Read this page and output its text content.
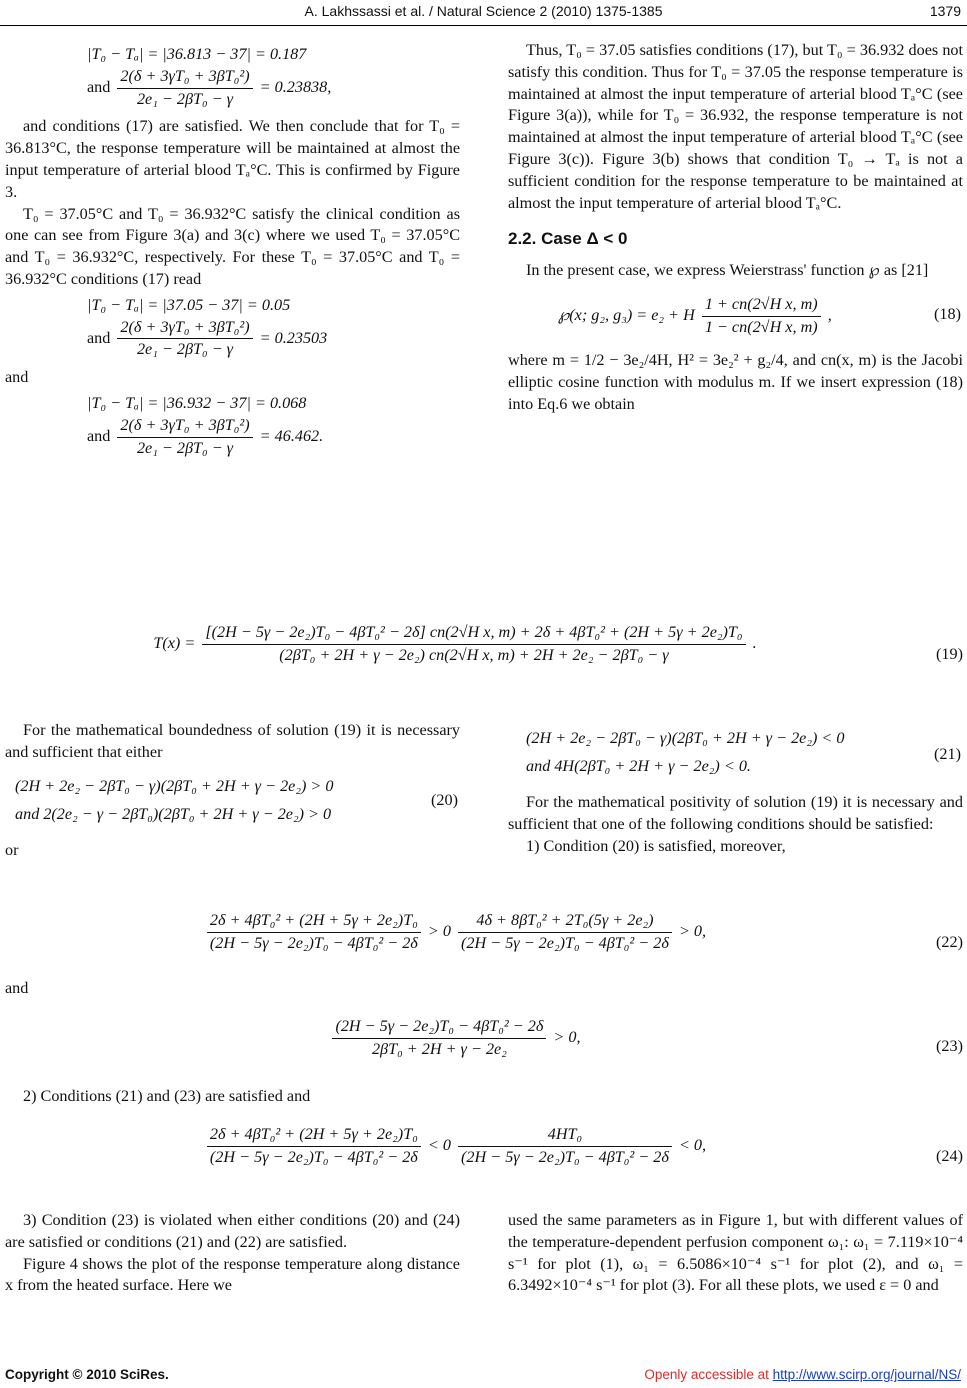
A. Lakhssassi et al. / Natural Science 2 (2010) 1375-1385	1379
|T₀ − Tₐ| = |36.813 − 37| = 0.187
and $\frac{\text{2(δ + 3γT₀ + 3βT₀²)}}{\text{2e₁ − 2βT₀ − γ}} = 0.23838$,

and conditions (17) are satisfied. We then conclude that for T₀ = 36.813°C, the response temperature will be maintained at almost the input temperature of arterial blood Tₐ°C. This is confirmed by Figure 3.

T₀ = 37.05°C and T₀ = 36.932°C satisfy the clinical condition as one can see from Figure 3(a) and 3(c) where we used T₀ = 37.05°C and T₀ = 36.932°C, respectively. For these T₀ = 37.05°C and T₀ = 36.932°C conditions (17) read

|T₀ − Tₐ| = |37.05 − 37| = 0.05
and $\frac{\text{2(δ + 3γT₀ + 3βT₀²)}}{\text{2e₁ − 2βT₀ − γ}} = 0.23503$

and

|T₀ − Tₐ| = |36.932 − 37| = 0.068
and $\frac{\text{2(δ + 3γT₀ + 3βT₀²)}}{\text{2e₁ − 2βT₀ − γ}} = 46.462$.

Thus, T₀ = 37.05 satisfies conditions (17), but T₀ = 36.932 does not satisfy this condition. Thus for T₀ = 37.05 the response temperature is maintained at almost the input temperature of arterial blood Tₐ°C (see Figure 3(a)), while for T₀ = 36.932, the response temperature is not maintained at almost the input temperature of arterial blood Tₐ°C (see Figure 3(c)). Figure 3(b) shows that condition T₀ → Tₐ is not a sufficient condition for the response temperature to be maintained at almost the input temperature of arterial blood Tₐ°C.

2.2. Case Δ < 0

In the present case, we express Weierstrass' function ℘ as [21]

℘(x; g₂, g₃) = e₂ + H $\frac{\text{1 + cn(2√H x, m)}}{\text{1 − cn(2√H x, m)}}$ ,	(18)

where m = 1/2 − 3e₂/4H, H² = 3e₂² + g₂/4, and cn(x, m) is the Jacobi elliptic cosine function with modulus m. If we insert expression (18) into Eq.6 we obtain

T(x) =
[(2H − 5γ − 2e₂)T₀ − 4βT₀² − 2δ] cn(2√H x, m) + 2δ + 4βT₀² + (2H + 5γ + 2e₂)T₀
(2βT₀ + 2H + γ − 2e₂) cn(2√H x, m) + 2H + 2e₂ − 2βT₀ − γ
.
(19)

For the mathematical boundedness of solution (19) it is necessary and sufficient that either

(2H + 2e₂ − 2βT₀ − γ)(2βT₀ + 2H + γ − 2e₂) > 0
and 2(2e₂ − γ − 2βT₀)(2βT₀ + 2H + γ − 2e₂) > 0
(20)

or

(2H + 2e₂ − 2βT₀ − γ)(2βT₀ + 2H + γ − 2e₂) < 0
and 4H(2βT₀ + 2H + γ − 2e₂) < 0.
(21)

For the mathematical positivity of solution (19) it is necessary and sufficient that one of the following conditions should be satisfied:

1) Condition (20) is satisfied, moreover,

$\frac{\text{2δ + 4βT₀² + (2H + 5γ + 2e₂)T₀}}{\text{(2H − 5γ − 2e₂)T₀ − 4βT₀² − 2δ}} > 0 \frac{\text{4δ + 8βT₀² + 2T₀(5γ + 2e₂)}}{\text{(2H − 5γ − 2e₂)T₀ − 4βT₀² − 2δ}} > 0$,
(22)
and
$\frac{\text{(2H − 5γ − 2e₂)T₀ − 4βT₀² − 2δ}}{\text{2βT₀ + 2H + γ − 2e₂}} > 0$,	(23)
2) Conditions (21) and (23) are satisfied and
$\frac{\text{2δ + 4βT₀² + (2H + 5γ + 2e₂)T₀}}{\text{(2H − 5γ − 2e₂)T₀ − 4βT₀² − 2δ}} < 0 \frac{\text{4HT₀}}{\text{(2H − 5γ − 2e₂)T₀ − 4βT₀² − 2δ}} < 0$,
(24)

3) Condition (23) is violated when either conditions (20) and (24) are satisfied or conditions (21) and (22) are satisfied.

Figure 4 shows the plot of the response temperature along distance x from the heated surface. Here we

used the same parameters as in Figure 1, but with different values of the temperature-dependent perfusion component ω₁: ω₁ = 7.119×10⁻⁴ s⁻¹ for plot (1), ω₁ = 6.5086×10⁻⁴ s⁻¹ for plot (2), and ω₁ = 6.3492×10⁻⁴ s⁻¹ for plot (3). For all these plots, we used ε = 0 and

Copyright © 2010 SciRes.	Openly accessible at http://www.scirp.org/journal/NS/
